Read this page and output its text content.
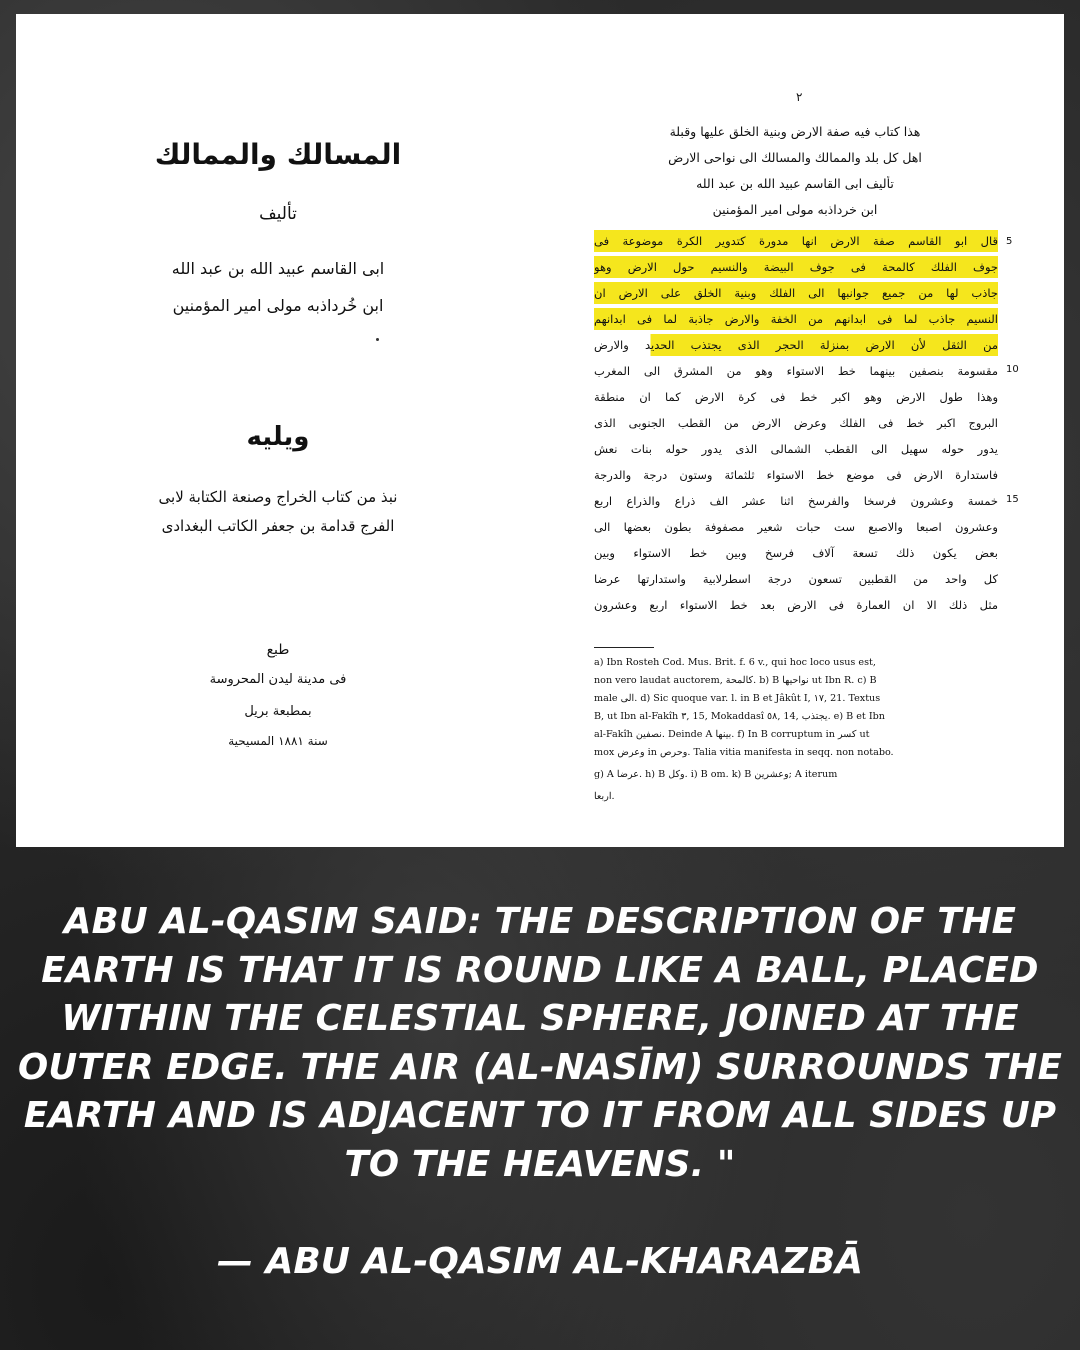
المسالك والممالك
تأليف
ابى القاسم عبيد الله بن عبد الله
ابن خُرداذبه مولى امير المؤمنين
ويليه
نبذ من كتاب الخراج وصنعة الكتابة لابى
الفرج قدامة بن جعفر الكاتب البغدادى
طبع
فى مدينة ليدن المحروسة
بمطبعة بريل
سنة ١٨٨١ المسيحية
٢
هذا كتاب فيه صفة الارض وبنية الخلق عليها وقبلة
اهل كل بلد والممالك والمسالك الى نواحى الارض
تأليف ابى القاسم عبيد الله بن عبد الله
ابن خرداذبه مولى امير المؤمنين
قال ابو القاسم صفة الارض انها مدورة كتدوير الكرة موضوعة فى
جوف الفلك كالمحة فى جوف البيضة والنسيم حول الارض وهو
جاذب لها من جميع جوانبها الى الفلك وبنية الخلق على الارض ان
النسيم جاذب لما فى ابدانهم من الخفة والارض جاذبة لما فى ابدانهم
من الثقل لأن الارض بمنزلة الحجر الذى يجتذب الحديد والارض
مقسومة بنصفين بينهما خط الاستواء وهو من المشرق الى المغرب
وهذا طول الارض وهو اكبر خط فى كرة الارض كما ان منطقة
البروج اكبر خط فى الفلك وعرض الارض من القطب الجنوبى الذى
يدور حوله سهيل الى القطب الشمالى الذى يدور حوله بنات نعش
فاستدارة الارض فى موضع خط الاستواء ثلثمائة وستون درجة والدرجة
خمسة وعشرون فرسخا والفرسخ اثنا عشر الف ذراع والذراع اربع
وعشرون اصبعا والاصبع ست حبات شعير مصفوفة بطون بعضها الى
بعض يكون ذلك تسعة آلاف فرسخ وبين خط الاستواء وبين
كل واحد من القطبين تسعون درجة اسطرلابية واستدارتها عرضا
مثل ذلك الا ان العمارة فى الارض بعد خط الاستواء اربع وعشرون
5
10
15
a) Ibn Rosteh Cod. Mus. Brit. f. 6 v., qui hoc loco usus est,
non vero laudat auctorem, كالمحة. b) B نواحيها ut Ibn R. c) B
male الى. d) Sic quoque var. l. in B et Jâkût I, ١٧, 21. Textus
B, ut Ibn al-Fakîh ٣, 15, Mokaddasî ٥٨, 14, يجتذب. e) B et Ibn
al-Fakîh نصفين. Deinde A بينها. f) In B corruptum in كسر ut
mox وعرض in وحرص. Talia vitia manifesta in seqq. non notabo.
g) A عرضا. h) B وكل. i) B om. k) B وعشرين; A iterum
اربعا.
ABU AL-QASIM SAID: THE DESCRIPTION OF THE EARTH IS THAT IT IS ROUND LIKE A BALL, PLACED WITHIN THE CELESTIAL SPHERE, JOINED AT THE OUTER EDGE. THE AIR (AL-NASĪM) SURROUNDS THE EARTH AND IS ADJACENT TO IT FROM ALL SIDES UP TO THE HEAVENS. "
— ABU AL-QASIM AL-KHARAZBĀ
